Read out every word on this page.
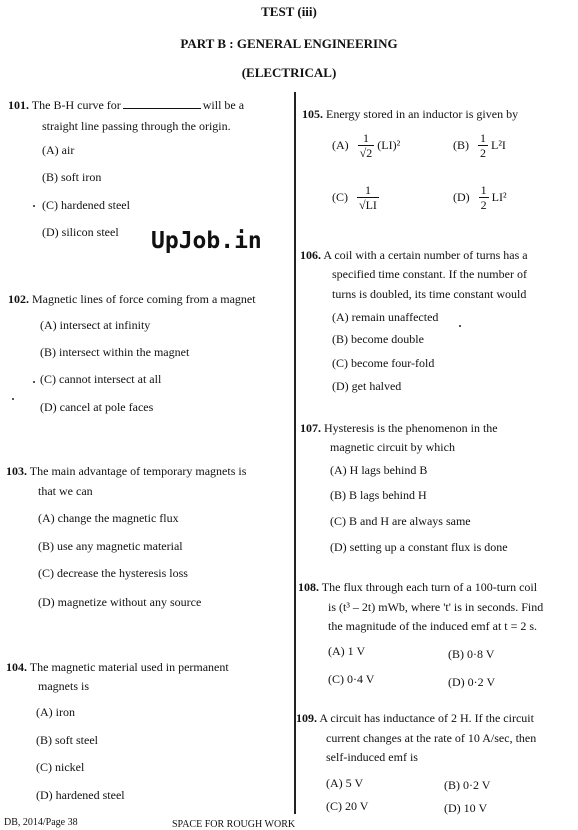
TEST (iii)
PART B : GENERAL ENGINEERING
(ELECTRICAL)
101. The B-H curve for	will be a
straight line passing through the origin.
(A) air
(B) soft iron
(C) hardened steel
(D) silicon steel UpJob.in
102. Magnetic lines of force coming from a magnet
(A) intersect at infinity
(B) intersect within the magnet
(C) cannot intersect at all
(D) cancel at pole faces
103. The main advantage of temporary magnets is
that we can
(A) change the magnetic flux
(B) use any magnetic material
(C) decrease the hysteresis loss
(D) magnetize without any source
104. The magnetic material used in permanent
magnets is
(A) iron
(B) soft steel
(C) nickel
(D) hardened steel
105. Energy stored in an inductor is given by
$(A) \frac{1}{√2} (LI)^2$	$(B) \frac{1}{2} L^2I$
$(C) \frac{1}{√LI}$	$(D) \frac{1}{2} LI^2$
106. A coil with a certain number of turns has a
specified time constant. If the number of
turns is doubled, its time constant would
(A) remain unaffected
(B) become double
(C) become four-fold
(D) get halved
107. Hysteresis is the phenomenon in the
magnetic circuit by which
(A) H lags behind B
(B) B lags behind H
(C) B and H are always same
(D) setting up a constant flux is done
108. The flux through each turn of a 100-turn coil
is (t³ – 2t) mWb, where 't' is in seconds. Find
the magnitude of the induced emf at t = 2 s.
(A) 1 V	(B) 0·8 V
(C) 0·4 V	(D) 0·2 V
109. A circuit has inductance of 2 H. If the circuit
current changes at the rate of 10 A/sec, then
self-induced emf is
(A) 5 V	(B) 0·2 V
(C) 20 V	(D) 10 V
DB, 2014/Page 38	SPACE FOR ROUGH WORK
